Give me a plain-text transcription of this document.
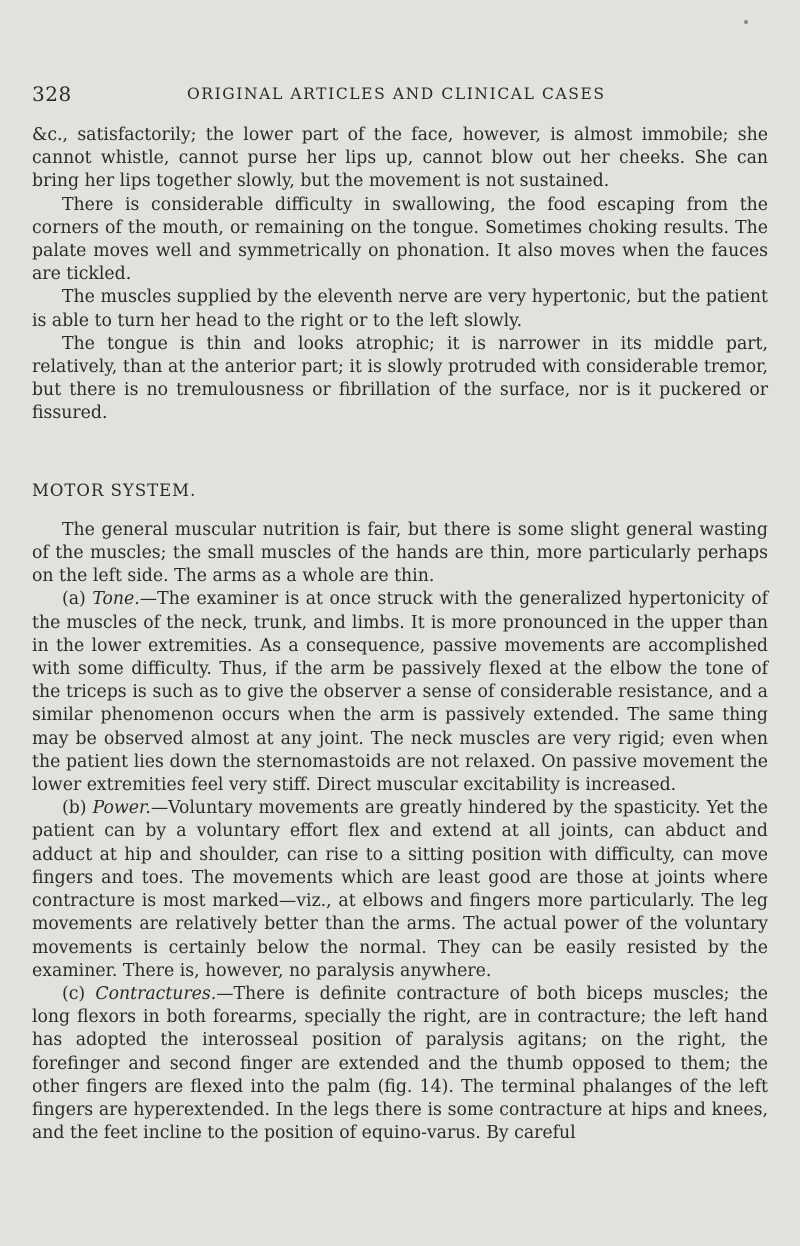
328	ORIGINAL ARTICLES AND CLINICAL CASES

&c., satisfactorily; the lower part of the face, however, is almost immobile; she cannot whistle, cannot purse her lips up, cannot blow out her cheeks. She can bring her lips together slowly, but the movement is not sustained.

There is considerable difficulty in swallowing, the food escaping from the corners of the mouth, or remaining on the tongue. Sometimes choking results. The palate moves well and symmetrically on phonation. It also moves when the fauces are tickled.

The muscles supplied by the eleventh nerve are very hypertonic, but the patient is able to turn her head to the right or to the left slowly.

The tongue is thin and looks atrophic; it is narrower in its middle part, relatively, than at the anterior part; it is slowly protruded with considerable tremor, but there is no tremulousness or fibrillation of the surface, nor is it puckered or fissured.

MOTOR SYSTEM.

The general muscular nutrition is fair, but there is some slight general wasting of the muscles; the small muscles of the hands are thin, more particularly perhaps on the left side. The arms as a whole are thin.

(a) Tone.—The examiner is at once struck with the generalized hypertonicity of the muscles of the neck, trunk, and limbs. It is more pronounced in the upper than in the lower extremities. As a consequence, passive movements are accomplished with some difficulty. Thus, if the arm be passively flexed at the elbow the tone of the triceps is such as to give the observer a sense of considerable resistance, and a similar phenomenon occurs when the arm is passively extended. The same thing may be observed almost at any joint. The neck muscles are very rigid; even when the patient lies down the sternomastoids are not relaxed. On passive movement the lower extremities feel very stiff. Direct muscular excitability is increased.

(b) Power.—Voluntary movements are greatly hindered by the spasticity. Yet the patient can by a voluntary effort flex and extend at all joints, can abduct and adduct at hip and shoulder, can rise to a sitting position with difficulty, can move fingers and toes. The movements which are least good are those at joints where contracture is most marked—viz., at elbows and fingers more particularly. The leg movements are relatively better than the arms. The actual power of the voluntary movements is certainly below the normal. They can be easily resisted by the examiner. There is, however, no paralysis anywhere.

(c) Contractures.—There is definite contracture of both biceps muscles; the long flexors in both forearms, specially the right, are in contracture; the left hand has adopted the interosseal position of paralysis agitans; on the right, the forefinger and second finger are extended and the thumb opposed to them; the other fingers are flexed into the palm (fig. 14). The terminal phalanges of the left fingers are hyperextended. In the legs there is some contracture at hips and knees, and the feet incline to the position of equino-varus. By careful
